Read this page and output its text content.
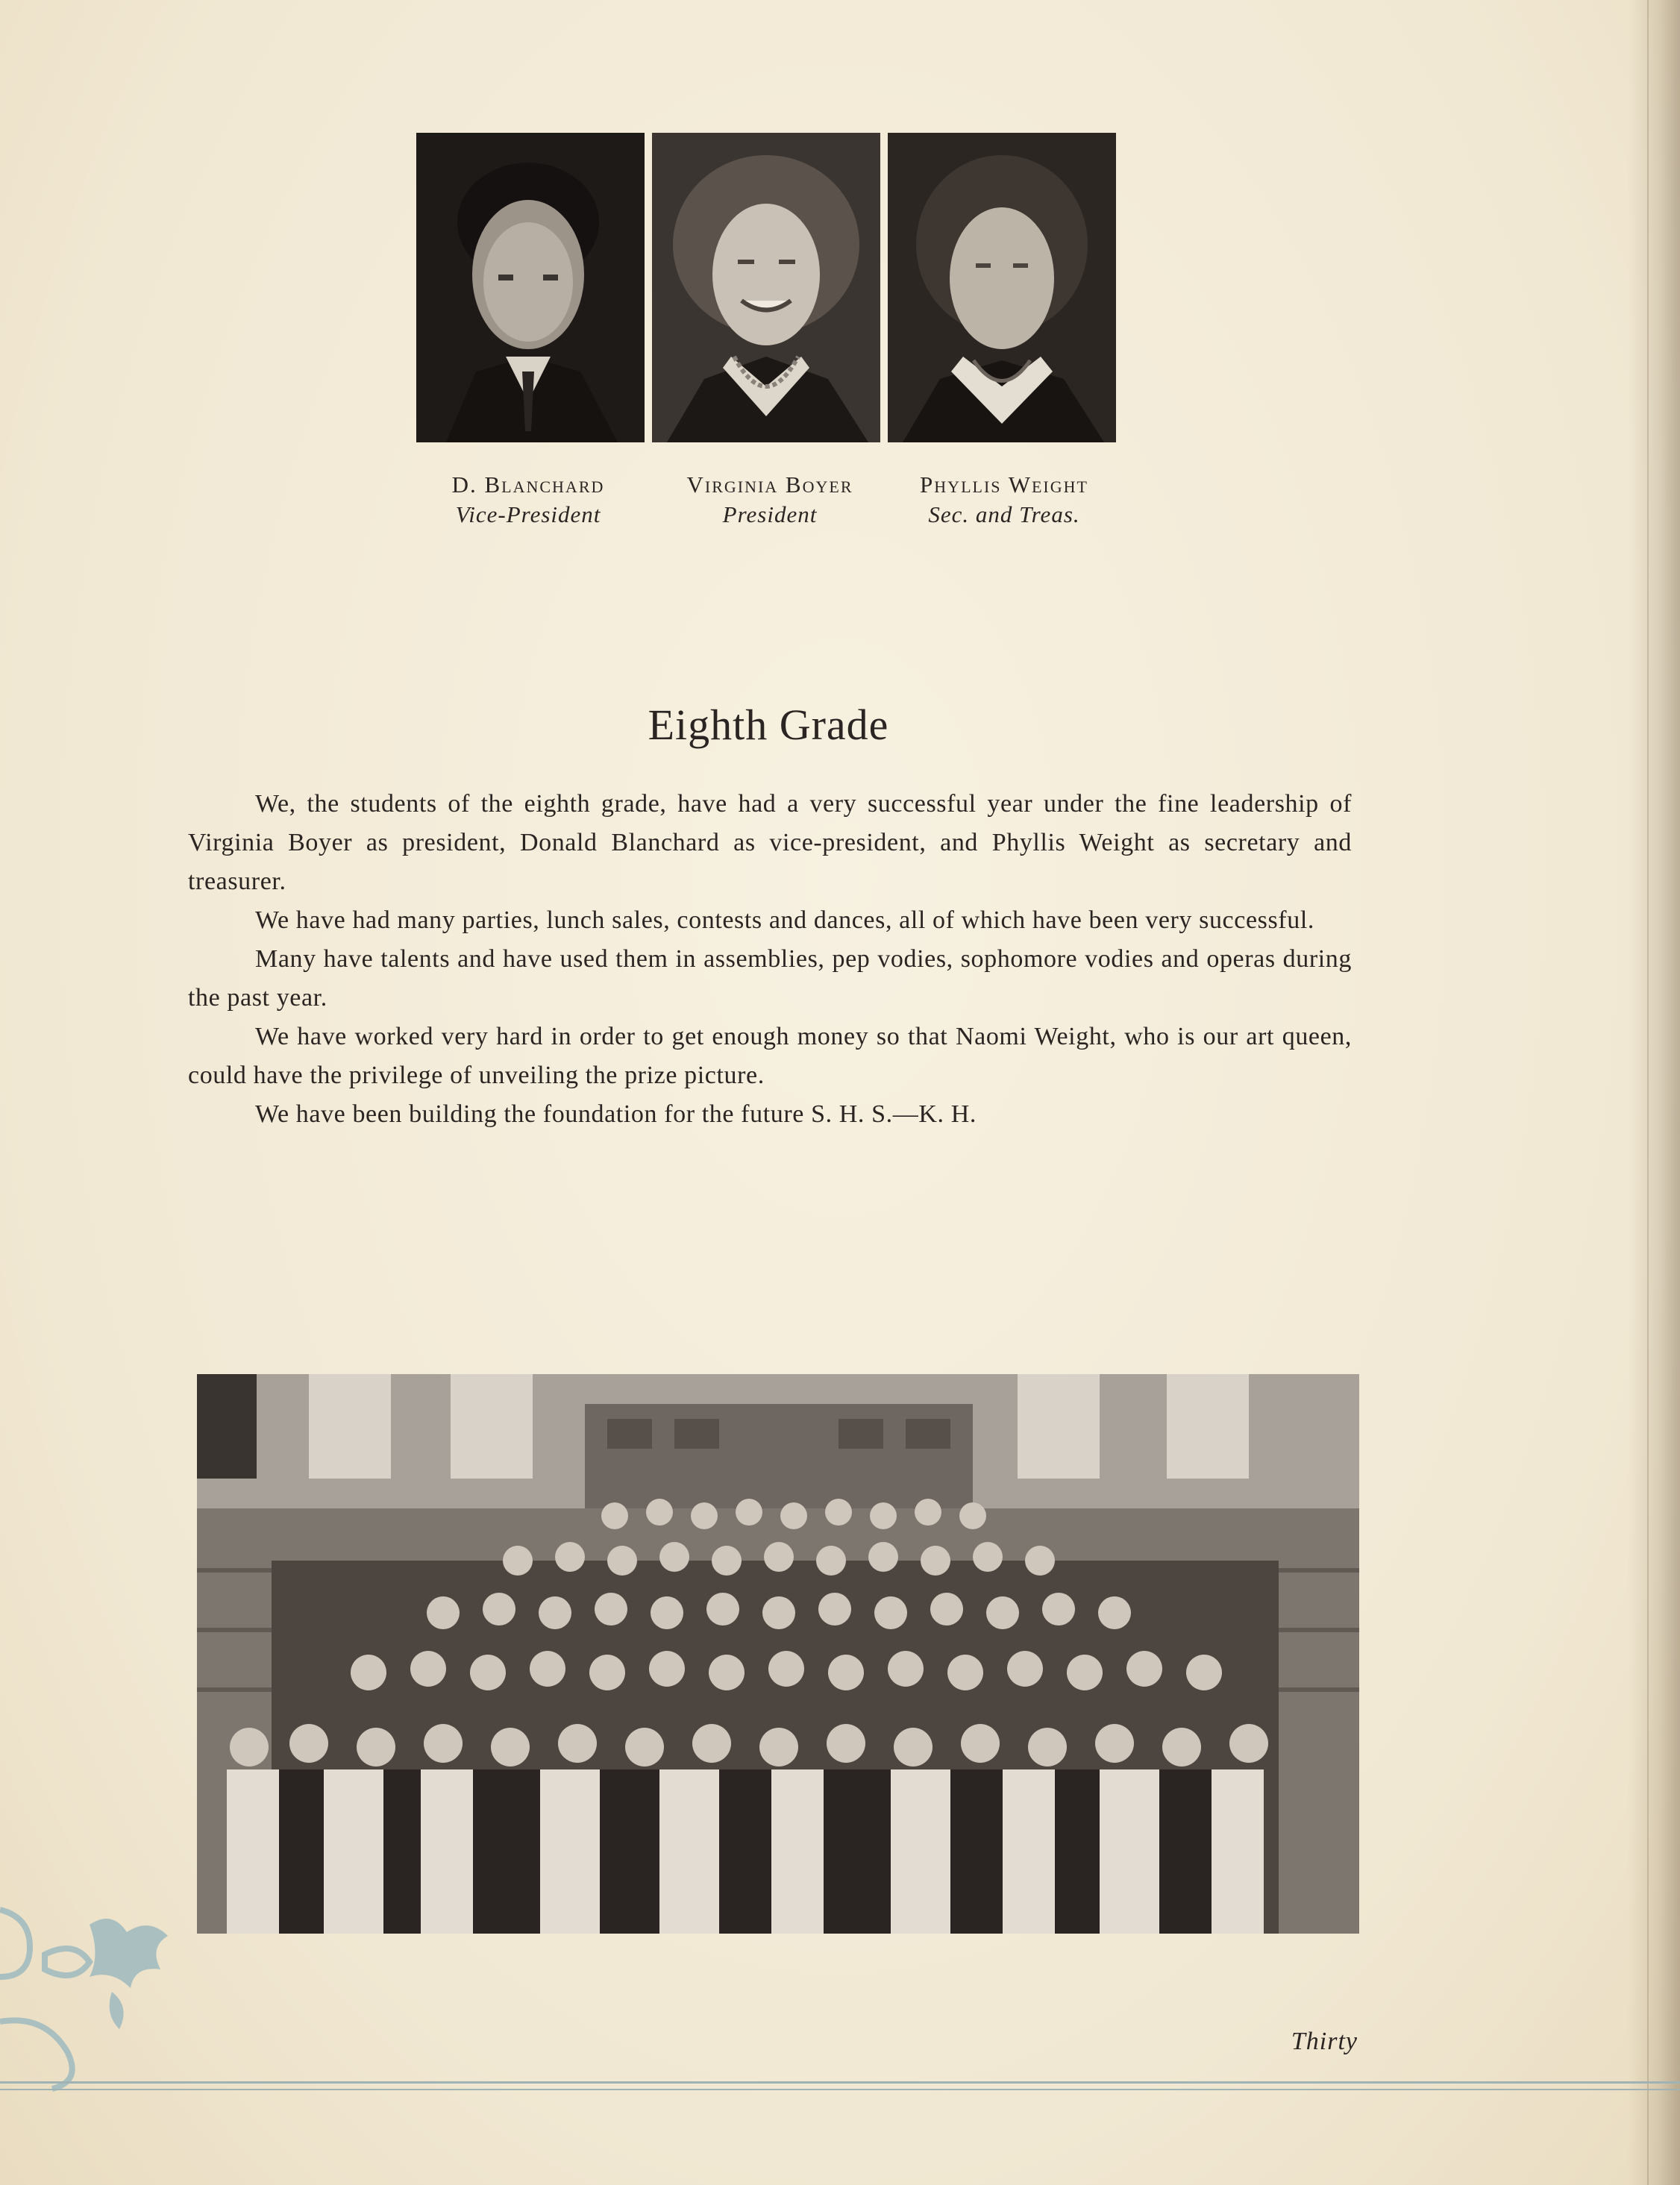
D. Blanchard
Vice-President
Virginia Boyer
President
Phyllis Weight
Sec. and Treas.
Eighth Grade

We, the students of the eighth grade, have had a very successful year under the fine leadership of Virginia Boyer as president, Donald Blanchard as vice-president, and Phyllis Weight as secretary and treasurer.

We have had many parties, lunch sales, contests and dances, all of which have been very successful.

Many have talents and have used them in assemblies, pep vodies, sophomore vodies and operas during the past year.

We have worked very hard in order to get enough money so that Naomi Weight, who is our art queen, could have the privilege of unveiling the prize picture.

We have been building the foundation for the future S. H. S.—K. H.

Thirty
